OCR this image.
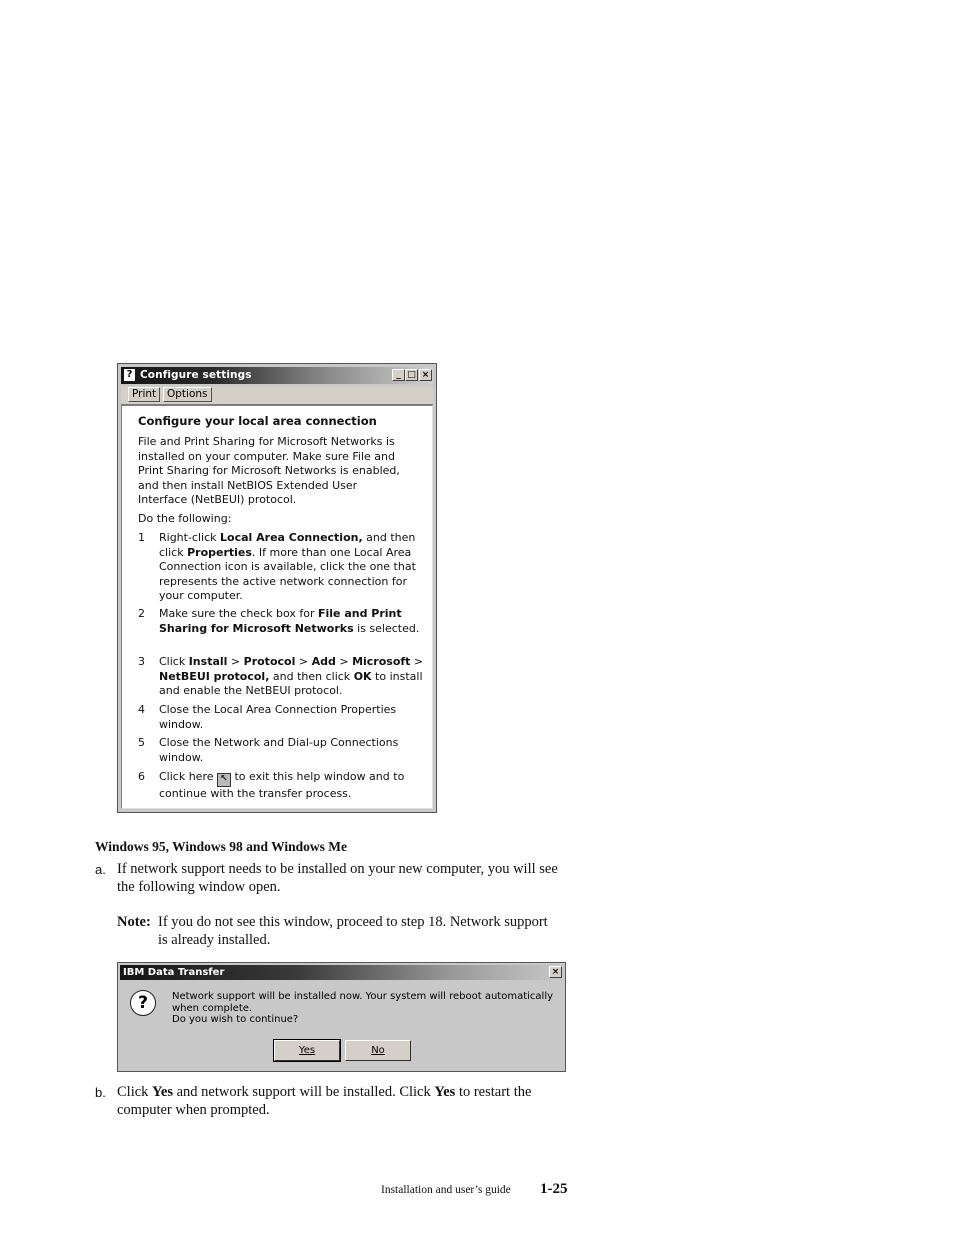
? Configure settings	_ □ ×
Print	Options
Configure your local area connection
File and Print Sharing for Microsoft Networks is
installed on your computer. Make sure File and
Print Sharing for Microsoft Networks is enabled,
and then install NetBIOS Extended User
Interface (NetBEUI) protocol.
Do the following:
1 Right-click Local Area Connection, and then click Properties. If more than one Local Area Connection icon is available, click the one that represents the active network connection for your computer.
2 Make sure the check box for File and Print Sharing for Microsoft Networks is selected.
3 Click Install > Protocol > Add > Microsoft > NetBEUI protocol, and then click OK to install and enable the NetBEUI protocol.
4 Close the Local Area Connection Properties window.
5 Close the Network and Dial-up Connections window.
6 Click here ↖ to exit this help window and to continue with the transfer process.
Windows 95, Windows 98 and Windows Me
a. If network support needs to be installed on your new computer, you will see the following window open.
Note: If you do not see this window, proceed to step 18. Network support is already installed.
IBM Data Transfer	×
?	Network support will be installed now. Your system will reboot automatically when complete.
Do you wish to continue?
Yes	No
b. Click Yes and network support will be installed. Click Yes to restart the computer when prompted.
Installation and user’s guide 1-25
